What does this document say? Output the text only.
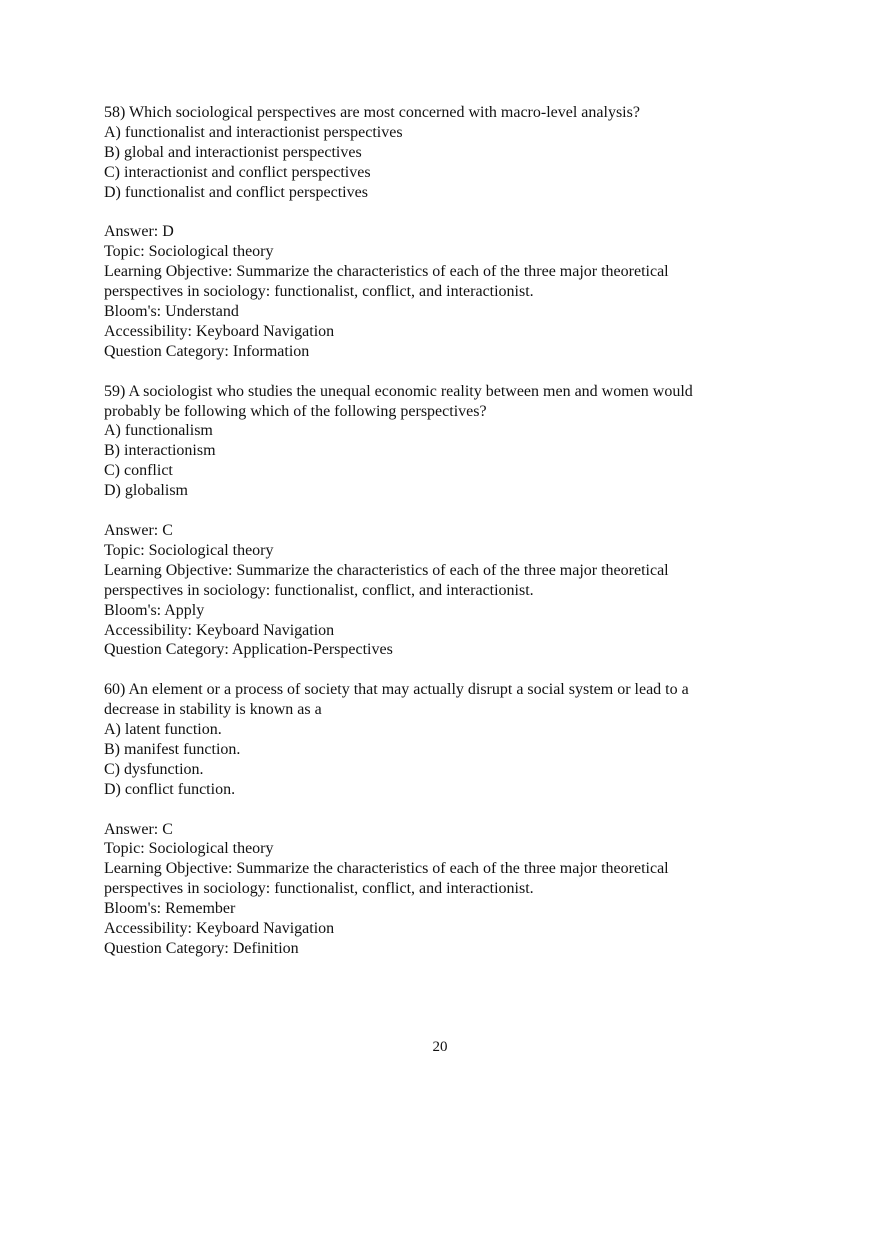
58) Which sociological perspectives are most concerned with macro-level analysis?
A) functionalist and interactionist perspectives
B) global and interactionist perspectives
C) interactionist and conflict perspectives
D) functionalist and conflict perspectives
Answer: D
Topic: Sociological theory
Learning Objective: Summarize the characteristics of each of the three major theoretical
perspectives in sociology: functionalist, conflict, and interactionist.
Bloom's: Understand
Accessibility: Keyboard Navigation
Question Category: Information
59) A sociologist who studies the unequal economic reality between men and women would
probably be following which of the following perspectives?
A) functionalism
B) interactionism
C) conflict
D) globalism
Answer: C
Topic: Sociological theory
Learning Objective: Summarize the characteristics of each of the three major theoretical
perspectives in sociology: functionalist, conflict, and interactionist.
Bloom's: Apply
Accessibility: Keyboard Navigation
Question Category: Application-Perspectives
60) An element or a process of society that may actually disrupt a social system or lead to a
decrease in stability is known as a
A) latent function.
B) manifest function.
C) dysfunction.
D) conflict function.
Answer: C
Topic: Sociological theory
Learning Objective: Summarize the characteristics of each of the three major theoretical
perspectives in sociology: functionalist, conflict, and interactionist.
Bloom's: Remember
Accessibility: Keyboard Navigation
Question Category: Definition
20
